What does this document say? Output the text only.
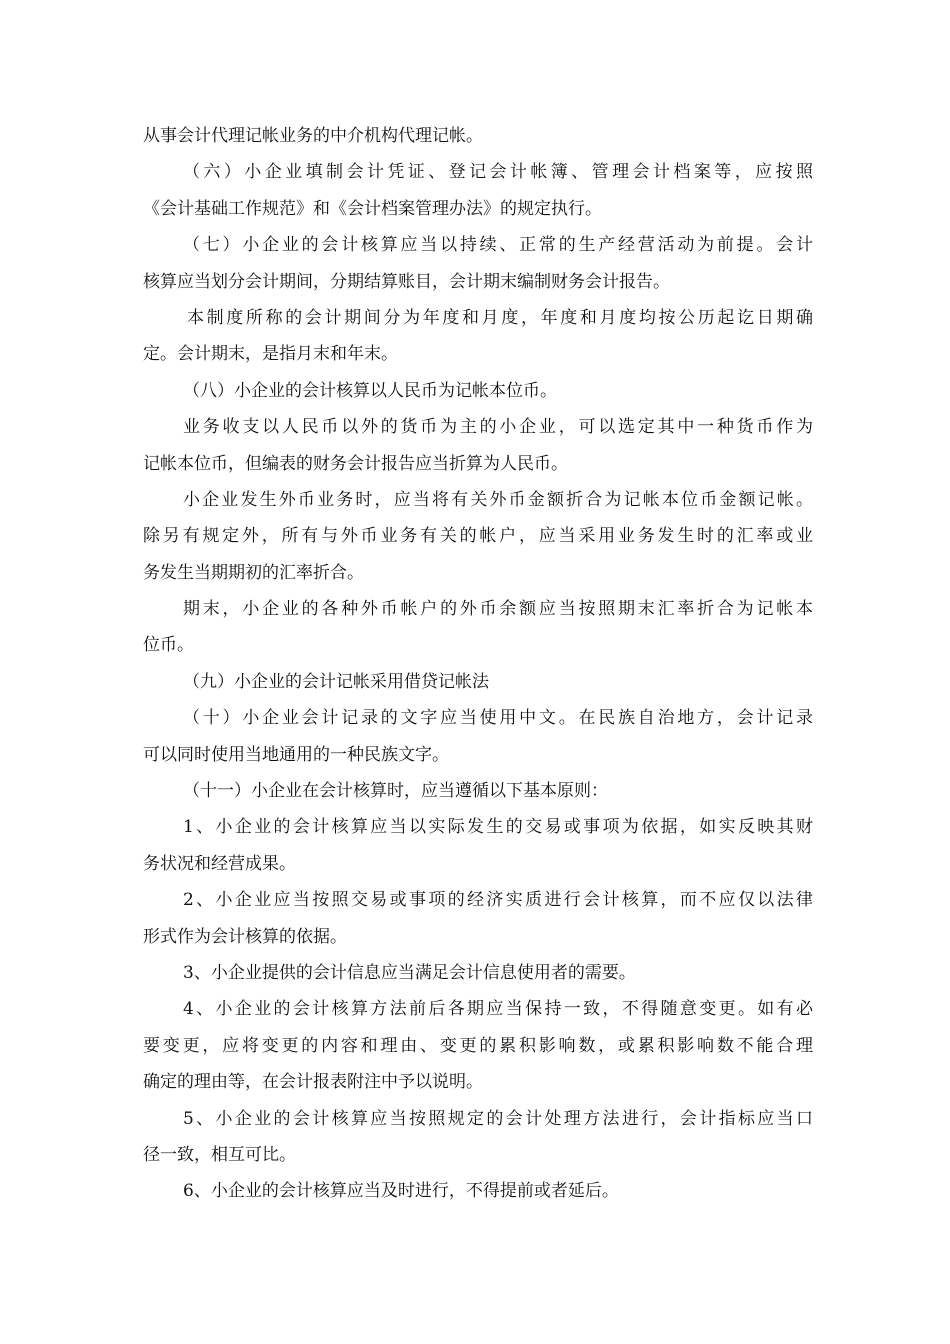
从事会计代理记帐业务的中介机构代理记帐。
（六）小企业填制会计凭证、登记会计帐簿、管理会计档案等，应按照
《会计基础工作规范》和《会计档案管理办法》的规定执行。
（七）小企业的会计核算应当以持续、正常的生产经营活动为前提。会计
核算应当划分会计期间，分期结算账目，会计期末编制财务会计报告。
本制度所称的会计期间分为年度和月度，年度和月度均按公历起讫日期确
定。会计期末，是指月末和年末。
（八）小企业的会计核算以人民币为记帐本位币。
业务收支以人民币以外的货币为主的小企业，可以选定其中一种货币作为
记帐本位币，但编表的财务会计报告应当折算为人民币。
小企业发生外币业务时，应当将有关外币金额折合为记帐本位币金额记帐。
除另有规定外，所有与外币业务有关的帐户，应当采用业务发生时的汇率或业
务发生当期期初的汇率折合。
期末，小企业的各种外币帐户的外币余额应当按照期末汇率折合为记帐本
位币。
（九）小企业的会计记帐采用借贷记帐法
（十）小企业会计记录的文字应当使用中文。在民族自治地方，会计记录
可以同时使用当地通用的一种民族文字。
（十一）小企业在会计核算时，应当遵循以下基本原则：
1、小企业的会计核算应当以实际发生的交易或事项为依据，如实反映其财
务状况和经营成果。
2、小企业应当按照交易或事项的经济实质进行会计核算，而不应仅以法律
形式作为会计核算的依据。
3、小企业提供的会计信息应当满足会计信息使用者的需要。
4、小企业的会计核算方法前后各期应当保持一致，不得随意变更。如有必
要变更，应将变更的内容和理由、变更的累积影响数，或累积影响数不能合理
确定的理由等，在会计报表附注中予以说明。
5、小企业的会计核算应当按照规定的会计处理方法进行，会计指标应当口
径一致，相互可比。
6、小企业的会计核算应当及时进行，不得提前或者延后。
